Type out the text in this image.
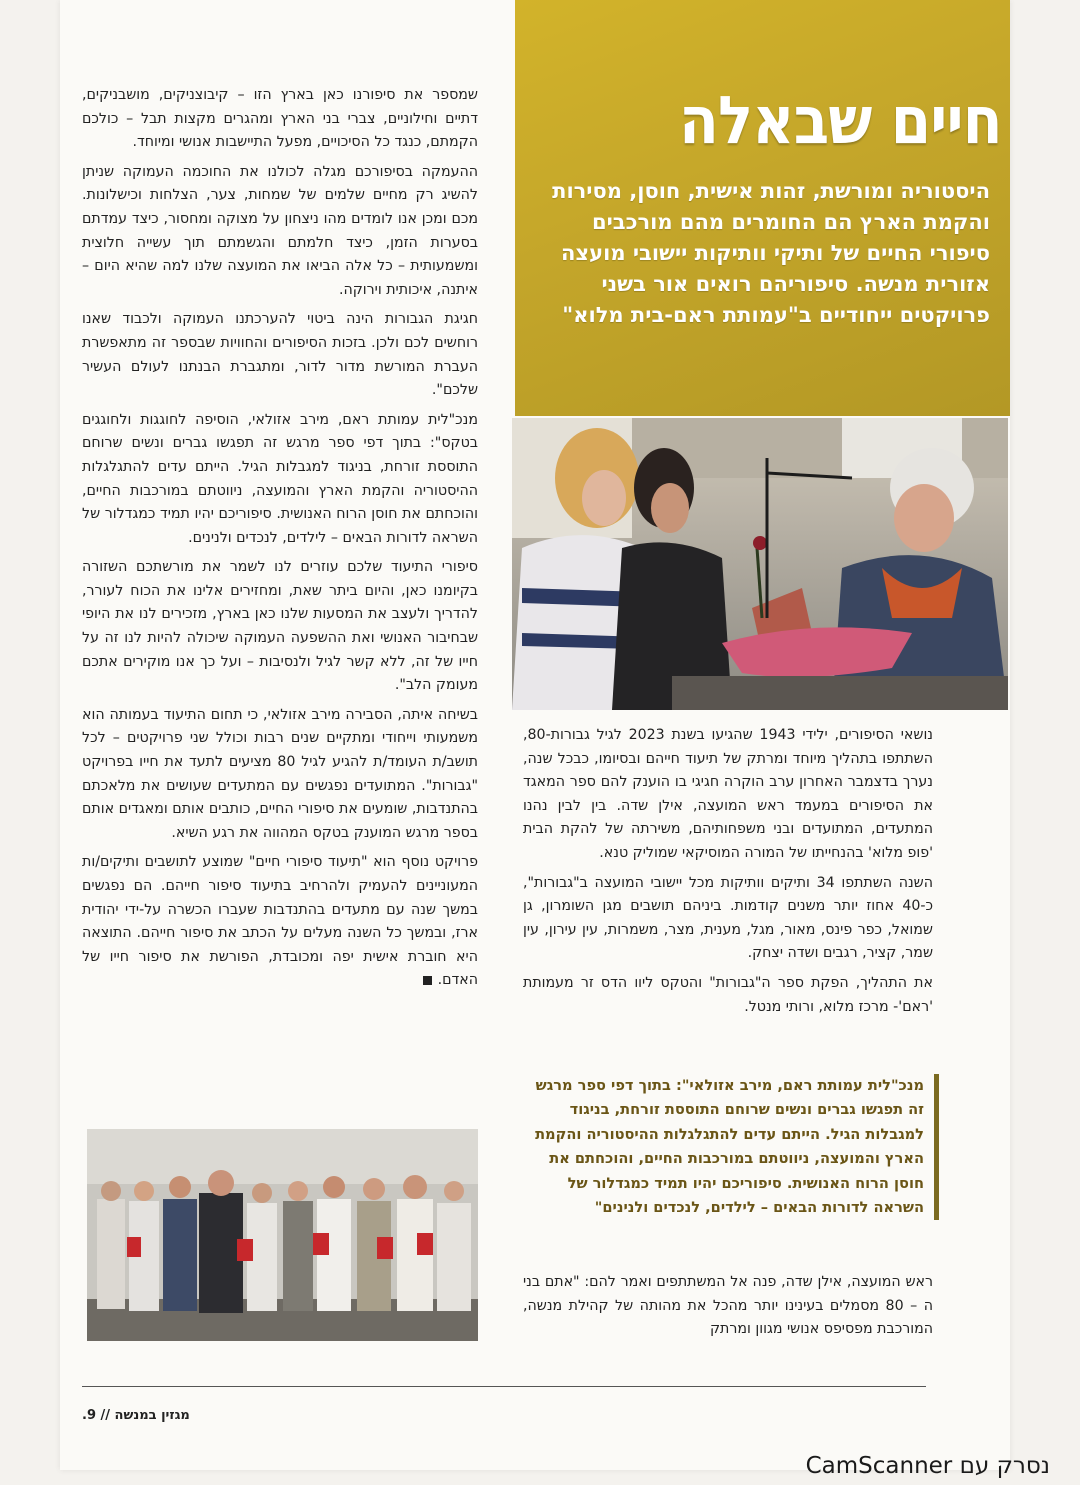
חיים שבאלה
היסטוריה ומורשת, זהות אישית, חוסן, מסירות והקמת הארץ הם החומרים מהם מורכבים סיפורי החיים של ותיקי וותיקות יישובי מועצה אזורית מנשה. סיפוריהם רואים אור בשני פרויקטים ייחודיים ב"עמותת ראם-בית מלוא"

שמספר את סיפורנו כאן בארץ הזו – קיבוצניקים, מושבניקים, דתיים וחילוניים, צברי בני הארץ ומהגרים מקצות תבל – כולכם הקמתם, כנגד כל הסיכויים, מפעל התיישבות אנושי ומיוחד.

ההעמקה בסיפורכם מגלה לכולנו את החוכמה העמוקה שניתן להשיג רק מחיים שלמים של שמחות, צער, הצלחות וכישלונות. מכם ומכן אנו לומדים מהו ניצחון על מצוקה ומחסור, כיצד עמדתם בסערות הזמן, כיצד חלמתם והגשמתם תוך עשייה חלוצית ומשמעותית – כל אלה הביאו את המועצה שלנו למה שהיא היום – איתנה, איכותית וירוקה.

חגיגת הגבורות הינה ביטוי להערכתנו העמוקה ולכבוד שאנו רוחשים לכם ולכן. בזכות הסיפורים והחוויות שבספר זה מתאפשרת העברת המורשת מדור לדור, ומתגברת הבנתנו לעולם העשיר שלכם".

מנכ"לית עמותת ראם, מירב אזולאי, הוסיפה לחוגגות ולחוגגים בטקס": בתוך דפי ספר מרגש זה תפגשו גברים ונשים שרוחם התוססת זורחת, בניגוד למגבלות הגיל. הייתם עדים להתגלגלות ההיסטוריה והקמת הארץ והמועצה, ניווטתם במורכבות החיים, והוכחתם את חוסן הרוח האנושית. סיפוריכם יהיו תמיד כמגדלור של השראה לדורות הבאים – לילדים, לנכדים ולנינים.

סיפורי התיעוד שלכם עוזרים לנו לשמר את מורשתכם השזורה בקיומנו כאן, והיום ביתר שאת, ומחזירים אלינו את הכוח לעורר, להדריך ולעצב את המסעות שלנו כאן בארץ, מזכירים לנו את היופי שבחיבור האנושי ואת ההשפעה העמוקה שיכולה להיות לנו זה על חייו של זה, ללא קשר לגיל ולנסיבות – ועל כך אנו מוקירים אתכם מעומק הלב".

בשיחה איתה, הסבירה מירב אזולאי, כי תחום התיעוד בעמותה הוא משמעותי וייחודי ומתקיים שנים רבות וכולל שני פרויקטים – לכל תושב/ת העומד/ת להגיע לגיל 80 מציעים לתעד את חייו בפרויקט "גבורות". המתועדים נפגשים עם המתעדים שעושים את מלאכתם בהתנדבות, שומעים את סיפורי החיים, כותבים אותם ומאגדים אותם בספר מרגש המוענק בטקס המהווה את רגע השיא.

פרויקט נוסף הוא "תיעוד סיפורי חיים" שמוצע לתושבים ותיקים/ות המעוניינים להעמיק ולהרחיב בתיעוד סיפור חייהם. הם נפגשים במשך שנה עם מתעדים בהתנדבות שעברו הכשרה על-ידי יהודית ארז, ובמשך כל השנה מעלים על הכתב את סיפור חייהם. התוצאה היא חוברת אישית יפה ומכובדת, הפורשת את סיפור חייו של האדם.

נושאי הסיפורים, ילידי 1943 שהגיעו בשנת 2023 לגיל גבורות-80, השתתפו בתהליך מיוחד ומרתק של תיעוד חייהם ובסיומו, כבכל שנה, נערך בדצמבר האחרון ערב הוקרה חגיגי בו הוענק להם ספר המאגד את הסיפורים במעמד ראש המועצה, אילן שדה. בין לבין נהנו המתעדים, המתועדים ובני משפחותיהם, משירתה של להקת הבית 'פופ מלוא' בהנחייתו של המורה המוסיקאי שמוליק טנא.

השנה השתתפו 34 ותיקים וותיקות מכל יישובי המועצה ב"גבורות", כ-40 אחוז יותר משנים קודמות. ביניהם תושבים מגן השומרון, גן שמואל, כפר פינס, מאור, מגל, מענית, מצר, משמרות, עין עירון, עין שמר, קציר, רגבים ושדה יצחק.

את התהליך, הפקת ספר ה"גבורות" והטקס ליוו הדס זר מעמותת 'ראם'- מרכז מלוא, ורותי מנטל.

מנכ"לית עמותת ראם, מירב אזולאי": בתוך דפי ספר מרגש זה תפגשו גברים ונשים שרוחם התוססת זורחת, בניגוד למגבלות הגיל. הייתם עדים להתגלגלות ההיסטוריה והקמת הארץ והמועצה, ניווטתם במורכבות החיים, והוכחתם את חוסן הרוח האנושית. סיפוריכם יהיו תמיד כמגדלור של השראה לדורות הבאים – לילדים, לנכדים ולנינים"

ראש המועצה, אילן שדה, פנה אל המשתתפים ואמר להם: "אתם בני ה – 80 מסמלים בעינינו יותר מהכל את מהותה של קהילת מנשה, המורכבת מפסיפס אנושי מגוון ומרתק

מגזין במנשה // 9.
נסרק עם CamScanner
